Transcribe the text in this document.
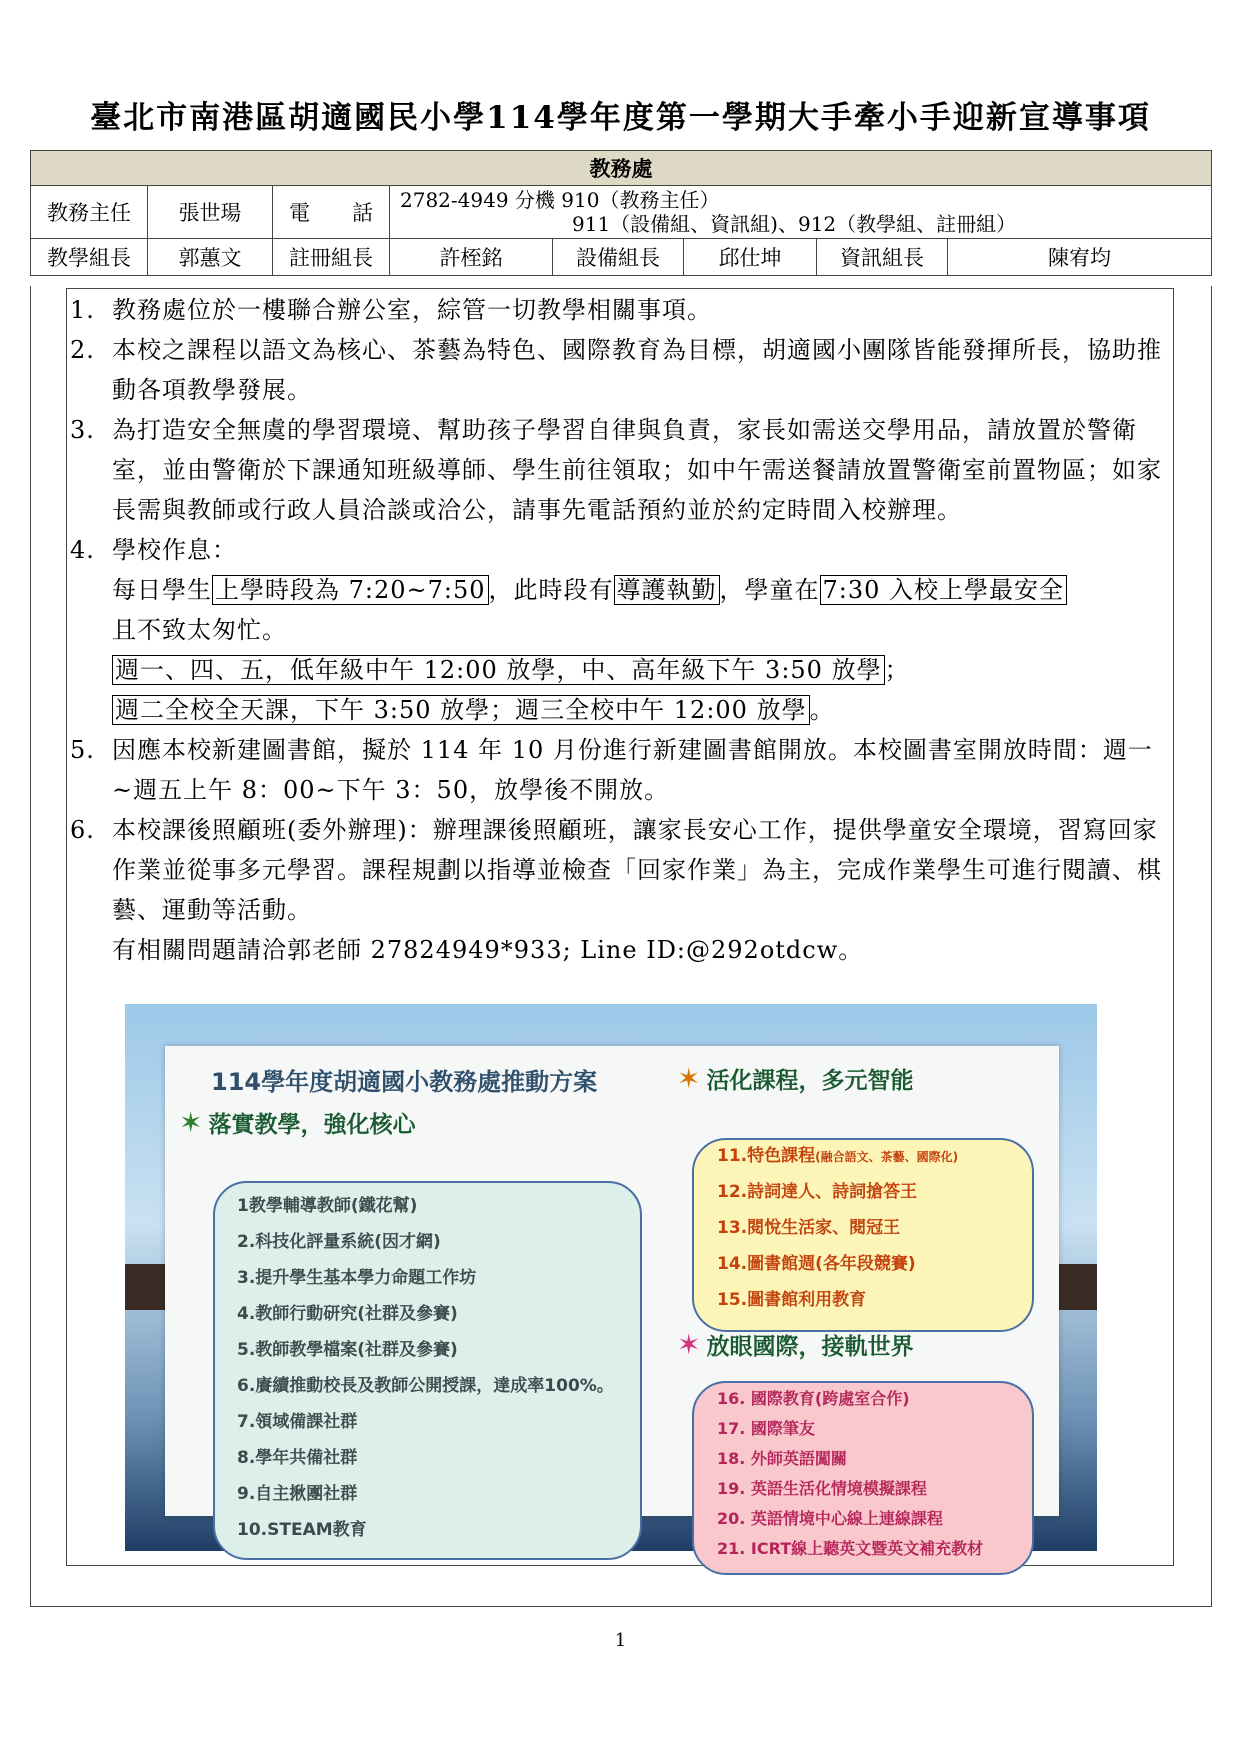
臺北市南港區胡適國民小學114學年度第一學期大手牽小手迎新宣導事項
教務處							
教務主任	張世瑒	電　　話	2782-4949 分機 910（教務主任）
911（設備組、資訊組)、912（教學組、註冊組）				

教學組長	郭蕙文	註冊組長	許桎銘	設備組長	邱仕坤	資訊組長	陳宥均
1. 教務處位於一樓聯合辦公室，綜管一切教學相關事項。
2. 本校之課程以語文為核心、茶藝為特色、國際教育為目標，胡適國小團隊皆能發揮所長，協助推動各項教學發展。
3. 為打造安全無虞的學習環境、幫助孩子學習自律與負責，家長如需送交學用品，請放置於警衛室，並由警衛於下課通知班級導師、學生前往領取；如中午需送餐請放置警衛室前置物區；如家長需與教師或行政人員洽談或洽公，請事先電話預約並於約定時間入校辦理。
4. 學校作息：
每日學生 上學時段為 7:20~7:50 ，此時段有 導護執勤 ，學童在 7:30 入校上學最安全
且不致太匆忙。
週一、四、五，低年級中午 12:00 放學，中、高年級下午 3:50 放學 ；
週二全校全天課，下午 3:50 放學；週三全校中午 12:00 放學 。
5. 因應本校新建圖書館，擬於 114 年 10 月份進行新建圖書館開放。本校圖書室開放時間：週一~週五上午 8：00~下午 3：50，放學後不開放。
6. 本校課後照顧班(委外辦理)：辦理課後照顧班，讓家長安心工作，提供學童安全環境，習寫回家作業並從事多元學習。課程規劃以指導並檢查「回家作業」為主，完成作業學生可進行閱讀、棋藝、運動等活動。
有相關問題請洽郭老師 27824949*933; Line ID:@292otdcw。
114學年度胡適國小教務處推動方案
✶ 落實教學，強化核心
1教學輔導教師(鐵花幫)
2.科技化評量系統(因才網)
3.提升學生基本學力命題工作坊
4.教師行動研究(社群及參賽)
5.教師教學檔案(社群及參賽)
6.賡續推動校長及教師公開授課，達成率100%。
7.領域備課社群
8.學年共備社群
9.自主揪團社群
10.STEAM教育
✶ 活化課程，多元智能
11.特色課程(融合語文、茶藝、國際化)
12.詩詞達人、詩詞搶答王
13.閱悅生活家、閱冠王
14.圖書館週(各年段競賽)
15.圖書館利用教育
✶ 放眼國際，接軌世界
16. 國際教育(跨處室合作)
17. 國際筆友
18. 外師英語闖關
19. 英語生活化情境模擬課程
20. 英語情境中心線上連線課程
21. ICRT線上聽英文暨英文補充教材
1
